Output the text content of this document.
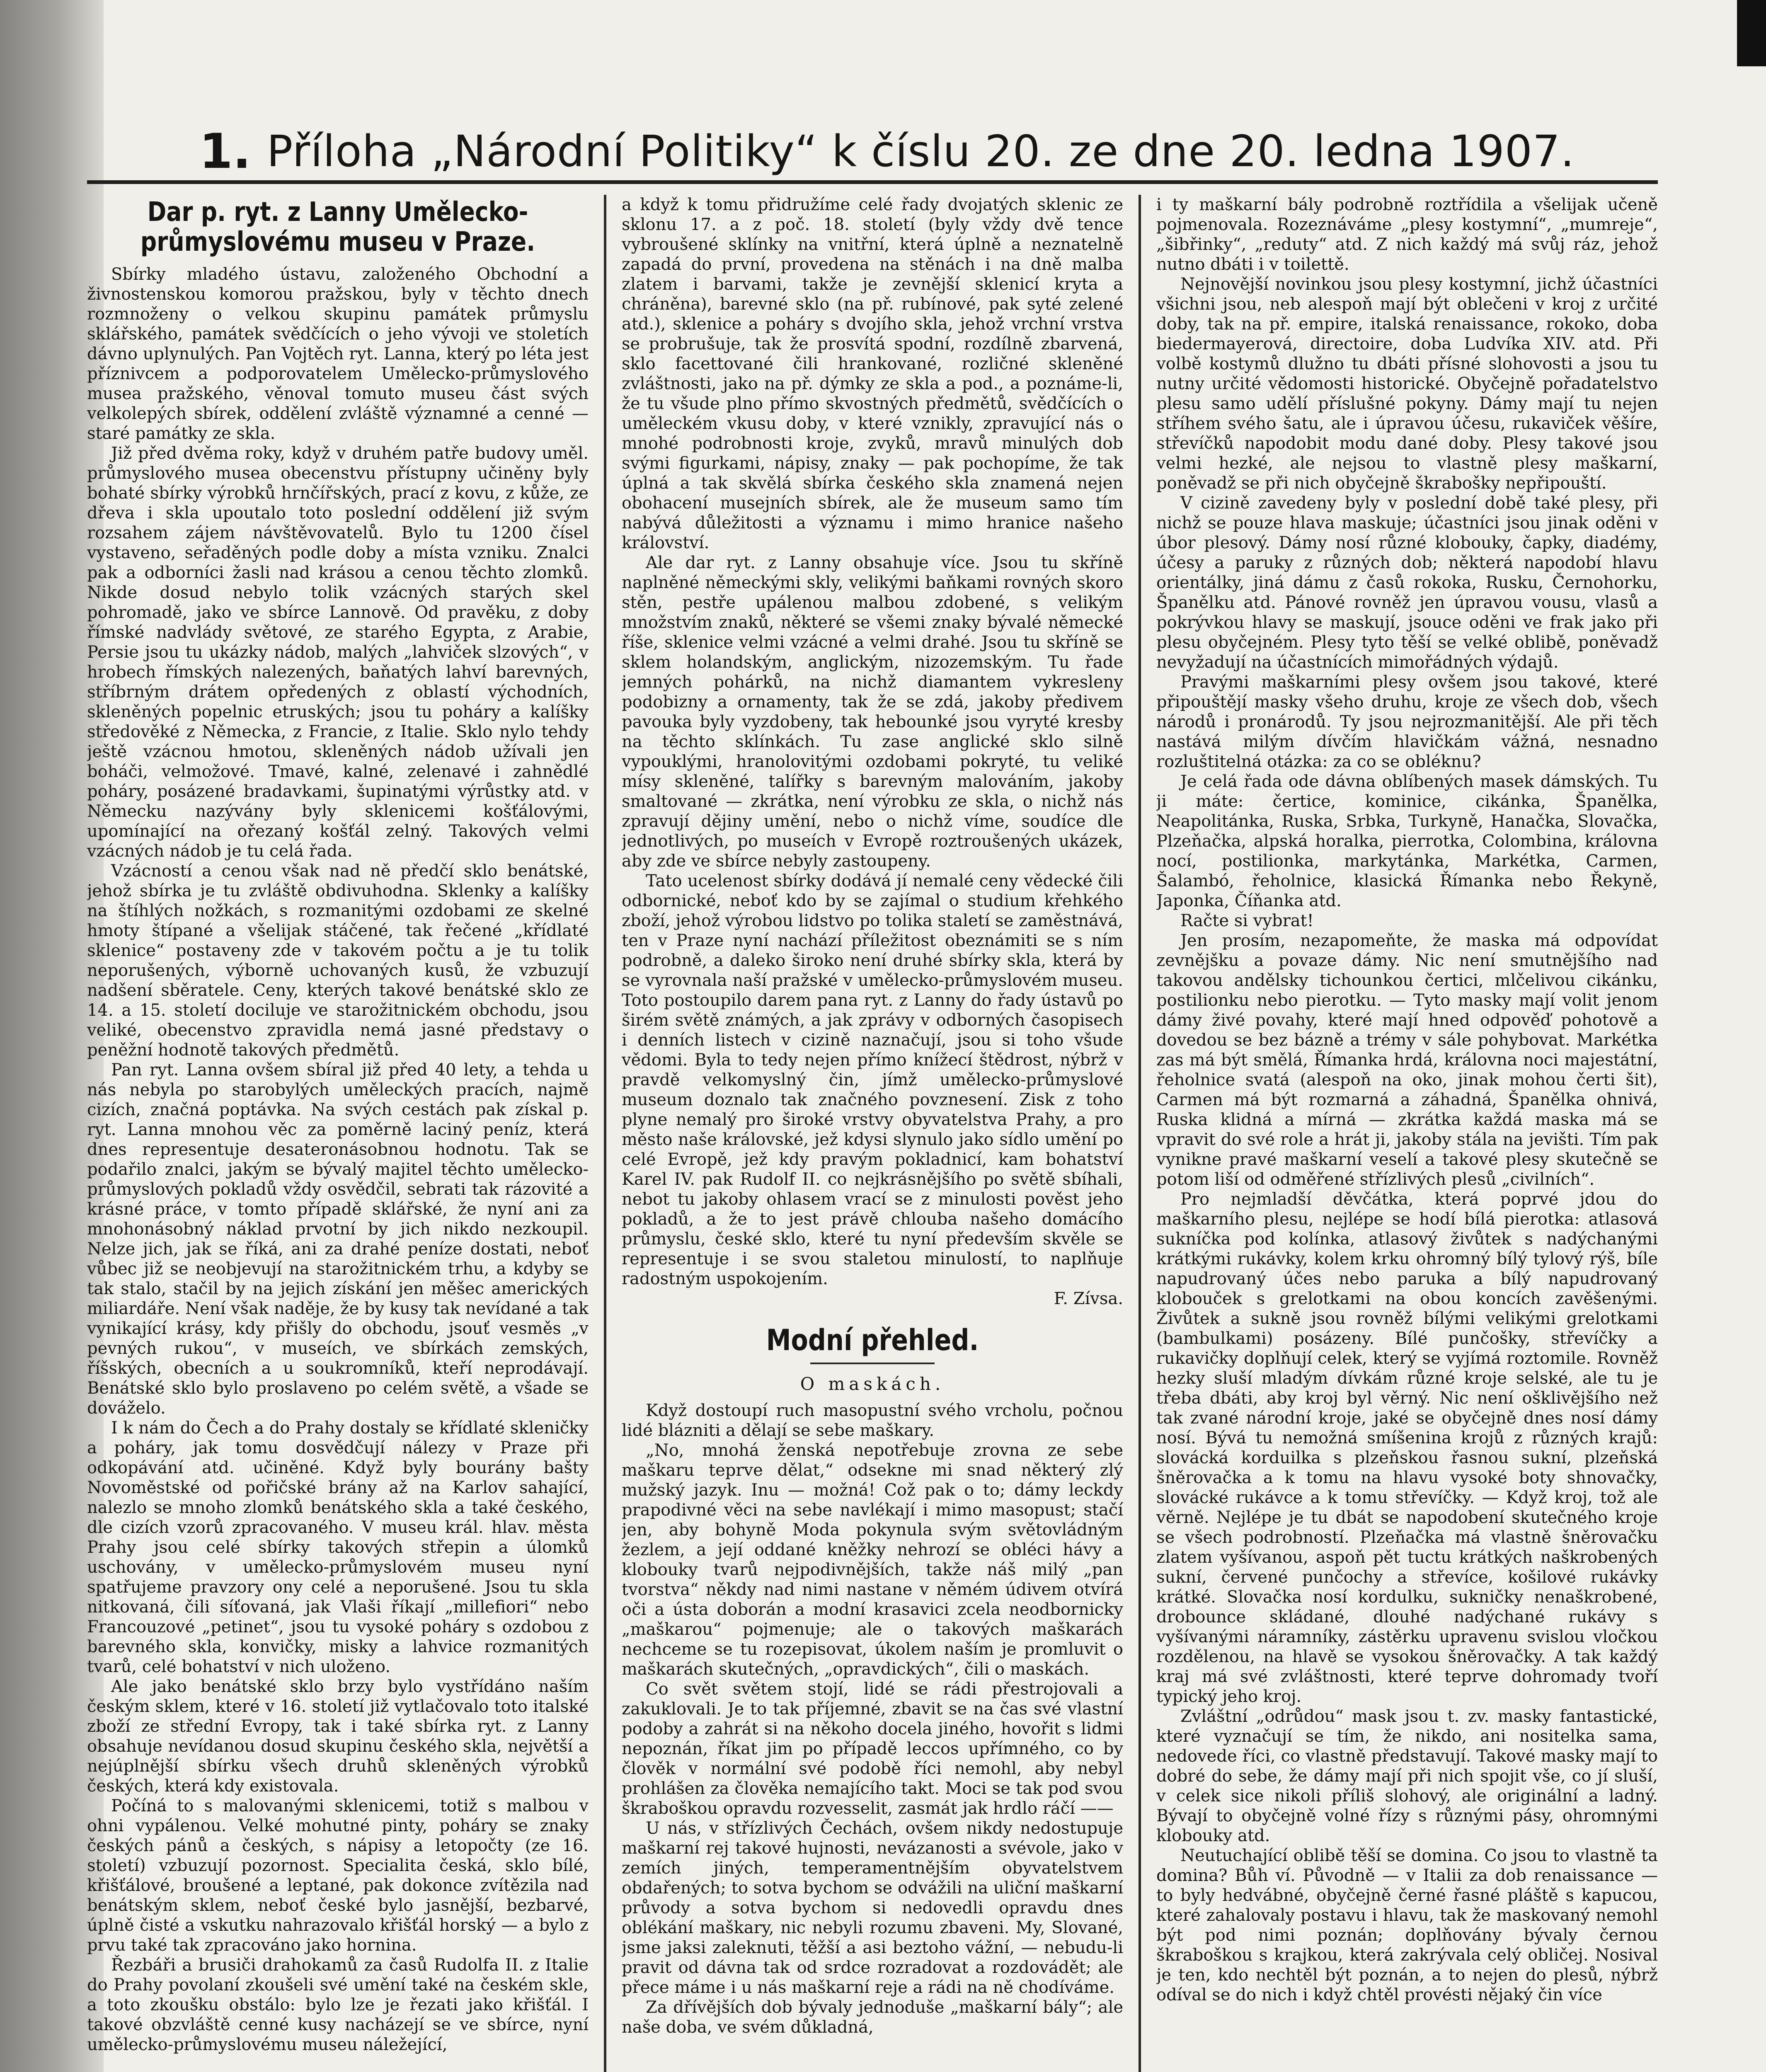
1. Příloha „Národní Politiky“ k číslu 20. ze dne 20. ledna 1907.
Dar p. ryt. z Lanny Umělecko-průmyslovému museu v Praze.

Sbírky mladého ústavu, založeného Obchodní a živnostenskou komorou pražskou, byly v těchto dnech rozmnoženy o velkou skupinu památek průmyslu sklářského, památek svědčících o jeho vývoji ve stoletích dávno uplynulých. Pan Vojtěch ryt. Lanna, který po léta jest příznivcem a podporovatelem Umělecko-průmyslového musea pražského, věnoval tomuto museu část svých velkolepých sbírek, oddělení zvláště významné a cenné — staré památky ze skla.

Již před dvěma roky, když v druhém patře budovy uměl. průmyslového musea obecenstvu přístupny učiněny byly bohaté sbírky výrobků hrnčířských, prací z kovu, z kůže, ze dřeva i skla upoutalo toto poslední oddělení již svým rozsahem zájem návštěvovatelů. Bylo tu 1200 čísel vystaveno, seřaděných podle doby a místa vzniku. Znalci pak a odborníci žasli nad krásou a cenou těchto zlomků. Nikde dosud nebylo tolik vzácných starých skel pohromadě, jako ve sbírce Lannově. Od pravěku, z doby římské nadvlády světové, ze starého Egypta, z Arabie, Persie jsou tu ukázky nádob, malých „lahviček slzových“, v hrobech římských nalezených, baňatých lahví barevných, stříbrným drátem opředených z oblastí východních, skleněných popelnic etruských; jsou tu poháry a kalíšky středověké z Německa, z Francie, z Italie. Sklo nylo tehdy ještě vzácnou hmotou, skleněných nádob užívali jen boháči, velmožové. Tmavé, kalné, zelenavé i zahnědlé poháry, posázené bradavkami, šupinatými výrůstky atd. v Německu nazývány byly sklenicemi košťálovými, upomínající na ořezaný košťál zelný. Takových velmi vzácných nádob je tu celá řada.

Vzácností a cenou však nad ně předčí sklo benátské, jehož sbírka je tu zvláště obdivuhodna. Sklenky a kalíšky na štíhlých nožkách, s rozmanitými ozdobami ze skelné hmoty štípané a všelijak stáčené, tak řečené „křídlaté sklenice“ postaveny zde v takovém počtu a je tu tolik neporušených, výborně uchovaných kusů, že vzbuzují nadšení sběratele. Ceny, kterých takové benátské sklo ze 14. a 15. století dociluje ve starožitnickém obchodu, jsou veliké, obecenstvo zpravidla nemá jasné představy o peněžní hodnotě takových předmětů.

Pan ryt. Lanna ovšem sbíral již před 40 lety, a tehda u nás nebyla po starobylých uměleckých pracích, najmě cizích, značná poptávka. Na svých cestách pak získal p. ryt. Lanna mnohou věc za poměrně laciný peníz, která dnes representuje desateronásobnou hodnotu. Tak se podařilo znalci, jakým se bývalý majitel těchto umělecko-průmyslových pokladů vždy osvědčil, sebrati tak rázovité a krásné práce, v tomto případě sklářské, že nyní ani za mnohonásobný náklad prvotní by jich nikdo nezkoupil. Nelze jich, jak se říká, ani za drahé peníze dostati, neboť vůbec již se neobjevují na starožitnickém trhu, a kdyby se tak stalo, stačil by na jejich získání jen měšec amerických miliardáře. Není však naděje, že by kusy tak nevídané a tak vynikající krásy, kdy přišly do obchodu, jsouť vesměs „v pevných rukou“, v museích, ve sbírkách zemských, říšských, obecních a u soukromníků, kteří neprodávají. Benátské sklo bylo proslaveno po celém světě, a všade se dováželo.

I k nám do Čech a do Prahy dostaly se křídlaté skleničky a poháry, jak tomu dosvědčují nálezy v Praze při odkopávání atd. učiněné. Když byly bourány bašty Novoměstské od pořičské brány až na Karlov sahající, nalezlo se mnoho zlomků benátského skla a také českého, dle cizích vzorů zpracovaného. V museu král. hlav. města Prahy jsou celé sbírky takových střepin a úlomků uschovány, v umělecko-průmyslovém museu nyní spatřujeme pravzory ony celé a neporušené. Jsou tu skla nitkovaná, čili síťovaná, jak Vlaši říkají „millefiori“ nebo Francouzové „petinet“, jsou tu vysoké poháry s ozdobou z barevného skla, konvičky, misky a lahvice rozmanitých tvarů, celé bohatství v nich uloženo.

Ale jako benátské sklo brzy bylo vystřídáno naším českým sklem, které v 16. století již vytlačovalo toto italské zboží ze střední Evropy, tak i také sbírka ryt. z Lanny obsahuje nevídanou dosud skupinu českého skla, největší a nejúplnější sbírku všech druhů skleněných výrobků českých, která kdy existovala.

Počíná to s malovanými sklenicemi, totiž s malbou v ohni vypálenou. Velké mohutné pinty, poháry se znaky českých pánů a českých, s nápisy a letopočty (ze 16. století) vzbuzují pozornost. Specialita česká, sklo bílé, křišťálové, broušené a leptané, pak dokonce zvítězila nad benátským sklem, neboť české bylo jasnější, bezbarvé, úplně čisté a vskutku nahrazovalo křišťál horský — a bylo z prvu také tak zpracováno jako hornina.

Řezbáři a brusiči drahokamů za časů Rudolfa II. z Italie do Prahy povolaní zkoušeli své umění také na českém skle, a toto zkoušku obstálo: bylo lze je řezati jako křišťál. I takové obzvláště cenné kusy nacházejí se ve sbírce, nyní umělecko-průmyslovému museu náležející,

a když k tomu přidružíme celé řady dvojatých sklenic ze sklonu 17. a z poč. 18. století (byly vždy dvě tence vybroušené sklínky na vnitřní, která úplně a neznatelně zapadá do první, provedena na stěnách i na dně malba zlatem i barvami, takže je zevnější sklenicí kryta a chráněna), barevné sklo (na př. rubínové, pak syté zelené atd.), sklenice a poháry s dvojího skla, jehož vrchní vrstva se probrušuje, tak že prosvítá spodní, rozdílně zbarvená, sklo facettované čili hrankované, rozličné skleněné zvláštnosti, jako na př. dýmky ze skla a pod., a poznáme-li, že tu všude plno přímo skvostných předmětů, svědčících o uměleckém vkusu doby, v které vznikly, zpravující nás o mnohé podrobnosti kroje, zvyků, mravů minulých dob svými figurkami, nápisy, znaky — pak pochopíme, že tak úplná a tak skvělá sbírka českého skla znamená nejen obohacení musejních sbírek, ale že museum samo tím nabývá důležitosti a významu i mimo hranice našeho království.

Ale dar ryt. z Lanny obsahuje více. Jsou tu skříně naplněné německými skly, velikými baňkami rovných skoro stěn, pestře upálenou malbou zdobené, s velikým množstvím znaků, některé se všemi znaky bývalé německé říše, sklenice velmi vzácné a velmi drahé. Jsou tu skříně se sklem holandským, anglickým, nizozemským. Tu řade jemných pohárků, na nichž diamantem vykresleny podobizny a ornamenty, tak že se zdá, jakoby předivem pavouka byly vyzdobeny, tak hebounké jsou vyryté kresby na těchto sklínkách. Tu zase anglické sklo silně vypouklými, hranolovitými ozdobami pokryté, tu veliké mísy skleněné, talířky s barevným malováním, jakoby smaltované — zkrátka, není výrobku ze skla, o nichž nás zpravují dějiny umění, nebo o nichž víme, soudíce dle jednotlivých, po museích v Evropě roztroušených ukázek, aby zde ve sbírce nebyly zastoupeny.

Tato ucelenost sbírky dodává jí nemalé ceny vědecké čili odbornické, neboť kdo by se zajímal o studium křehkého zboží, jehož výrobou lidstvo po tolika staletí se zaměstnává, ten v Praze nyní nachází příležitost obeznámiti se s ním podrobně, a daleko široko není druhé sbírky skla, která by se vyrovnala naší pražské v umělecko-průmyslovém museu. Toto postoupilo darem pana ryt. z Lanny do řady ústavů po širém světě známých, a jak zprávy v odborných časopisech i denních listech v cizině naznačují, jsou si toho všude vědomi. Byla to tedy nejen přímo knížecí štědrost, nýbrž v pravdě velkomyslný čin, jímž umělecko-průmyslové museum doznalo tak značného povznesení. Zisk z toho plyne nemalý pro široké vrstvy obyvatelstva Prahy, a pro město naše královské, jež kdysi slynulo jako sídlo umění po celé Evropě, jež kdy pravým pokladnicí, kam bohatství Karel IV. pak Rudolf II. co nejkrásnějšího po světě sbíhali, nebot tu jakoby ohlasem vrací se z minulosti pověst jeho pokladů, a že to jest právě chlouba našeho domácího průmyslu, české sklo, které tu nyní především skvěle se representuje i se svou staletou minulostí, to naplňuje radostným uspokojením.

F. Zívsa.
Modní přehled.
O maskách.

Když dostoupí ruch masopustní svého vrcholu, počnou lidé blázniti a dělají se sebe maškary.

„No, mnohá ženská nepotřebuje zrovna ze sebe maškaru teprve dělat,“ odsekne mi snad některý zlý mužský jazyk. Inu — možná! Což pak o to; dámy leckdy prapodivné věci na sebe navlékají i mimo masopust; stačí jen, aby bohyně Moda pokynula svým světovládným žezlem, a její oddané kněžky nehrozí se obléci hávy a klobouky tvarů nejpodivnějších, takže náš milý „pan tvorstva“ někdy nad nimi nastane v němém údivem otvírá oči a ústa doborán a modní krasavici zcela neodbornicky „maškarou“ pojmenuje; ale o takových maškarách nechceme se tu rozepisovat, úkolem naším je promluvit o maškarách skutečných, „opravdických“, čili o maskách.

Co svět světem stojí, lidé se rádi přestrojovali a zakuklovali. Je to tak příjemné, zbavit se na čas své vlastní podoby a zahrát si na někoho docela jiného, hovořit s lidmi nepoznán, říkat jim po případě leccos upřímného, co by člověk v normální své podobě říci nemohl, aby nebyl prohlášen za člověka nemajícího takt. Moci se tak pod svou škraboškou opravdu rozvesselit, zasmát jak hrdlo ráčí ——

U nás, v střízlivých Čechách, ovšem nikdy nedostupuje maškarní rej takové hujnosti, nevázanosti a svévole, jako v zemích jiných, temperamentnějším obyvatelstvem obdařených; to sotva bychom se odvážili na uliční maškarní průvody a sotva bychom si nedovedli opravdu dnes oblékání maškary, nic nebyli rozumu zbaveni. My, Slované, jsme jaksi zaleknuti, těžší a asi beztoho vážní, — nebudu-li pravit od dávna tak od srdce rozradovat a rozdovádět; ale přece máme i u nás maškarní reje a rádi na ně chodíváme.

Za dřívějších dob bývaly jednoduše „maškarní bály“; ale naše doba, ve svém důkladná,

i ty maškarní bály podrobně roztřídila a všelijak učeně pojmenovala. Rozeznáváme „plesy kostymní“, „mumreje“, „šibřinky“, „reduty“ atd. Z nich každý má svůj ráz, jehož nutno dbáti i v toilettě.

Nejnovější novinkou jsou plesy kostymní, jichž účastníci všichni jsou, neb alespoň mají být oblečeni v kroj z určité doby, tak na př. empire, italská renaissance, rokoko, doba biedermayerová, directoire, doba Ludvíka XIV. atd. Při volbě kostymů dlužno tu dbáti přísné slohovosti a jsou tu nutny určité vědomosti historické. Obyčejně pořadatelstvo plesu samo udělí příslušné pokyny. Dámy mají tu nejen stříhem svého šatu, ale i úpravou účesu, rukaviček věšíre, střevíčků napodobit modu dané doby. Plesy takové jsou velmi hezké, ale nejsou to vlastně plesy maškarní, poněvadž se při nich obyčejně škrabošky nepřipouští.

V cizině zavedeny byly v poslední době také plesy, při nichž se pouze hlava maskuje; účastníci jsou jinak oděni v úbor plesový. Dámy nosí různé klobouky, čapky, diadémy, účesy a paruky z různých dob; některá napodobí hlavu orientálky, jiná dámu z časů rokoka, Rusku, Černohorku, Španělku atd. Pánové rovněž jen úpravou vousu, vlasů a pokrývkou hlavy se maskují, jsouce oděni ve frak jako při plesu obyčejném. Plesy tyto těší se velké oblibě, poněvadž nevyžadují na účastnících mimořádných výdajů.

Pravými maškarními plesy ovšem jsou takové, které připouštějí masky všeho druhu, kroje ze všech dob, všech národů i pronárodů. Ty jsou nejrozmanitější. Ale při těch nastává milým dívčím hlavičkám vážná, nesnadno rozluštitelná otázka: za co se obléknu?

Je celá řada ode dávna oblíbených masek dámských. Tu ji máte: čertice, kominice, cikánka, Španělka, Neapolitánka, Ruska, Srbka, Turkyně, Hanačka, Slovačka, Plzeňačka, alpská horalka, pierrotka, Colombina, královna nocí, postilionka, markytánka, Markétka, Carmen, Šalambó, řeholnice, klasická Římanka nebo Řekyně, Japonka, Číňanka atd.

Račte si vybrat!

Jen prosím, nezapomeňte, že maska má odpovídat zevnějšku a povaze dámy. Nic není smutnějšího nad takovou andělsky tichounkou čertici, mlčelivou cikánku, postilionku nebo pierotku. — Tyto masky mají volit jenom dámy živé povahy, které mají hned odpověď pohotově a dovedou se bez bázně a trémy v sále pohybovat. Markétka zas má být smělá, Římanka hrdá, královna noci majestátní, řeholnice svatá (alespoň na oko, jinak mohou čerti šit), Carmen má být rozmarná a záhadná, Španělka ohnivá, Ruska klidná a mírná — zkrátka každá maska má se vpravit do své role a hrát ji, jakoby stála na jevišti. Tím pak vynikne pravé maškarní veselí a takové plesy skutečně se potom liší od odměřené střízlivých plesů „civilních“.

Pro nejmladší děvčátka, která poprvé jdou do maškarního plesu, nejlépe se hodí bílá pierotka: atlasová sukníčka pod kolínka, atlasový živůtek s nadýchanými krátkými rukávky, kolem krku ohromný bílý tylový rýš, bíle napudrovaný účes nebo paruka a bílý napudrovaný klobouček s grelotkami na obou koncích zavěšenými. Živůtek a sukně jsou rovněž bílými velikými grelotkami (bambulkami) posázeny. Bílé punčošky, střevíčky a rukavičky doplňují celek, který se vyjímá roztomile. Rovněž hezky sluší mladým dívkám různé kroje selské, ale tu je třeba dbáti, aby kroj byl věrný. Nic není ošklivějšího než tak zvané národní kroje, jaké se obyčejně dnes nosí dámy nosí. Bývá tu nemožná smíšenina krojů z různých krajů: slovácká korduilka s plzeňskou řasnou sukní, plzeňská šněrovačka a k tomu na hlavu vysoké boty shnovačky, slovácké rukávce a k tomu střevíčky. — Když kroj, tož ale věrně. Nejlépe je tu dbát se napodobení skutečného kroje se všech podrobností. Plzeňačka má vlastně šněrovačku zlatem vyšívanou, aspoň pět tuctu krátkých naškrobených sukní, červené punčochy a střevíce, košilové rukávky krátké. Slovačka nosí kordulku, sukničky nenaškrobené, drobounce skládané, dlouhé nadýchané rukávy s vyšívanými náramníky, zástěrku upravenu svislou vločkou rozdělenou, na hlavě se vysokou šněrovačky. A tak každý kraj má své zvláštnosti, které teprve dohromady tvoří typický jeho kroj.

Zvláštní „odrůdou“ mask jsou t. zv. masky fantastické, které vyznačují se tím, že nikdo, ani nositelka sama, nedovede říci, co vlastně představují. Takové masky mají to dobré do sebe, že dámy mají při nich spojit vše, co jí sluší, v celek sice nikoli příliš slohový, ale originální a ladný. Bývají to obyčejně volné řízy s různými pásy, ohromnými klobouky atd.

Neutuchající oblibě těší se domina. Co jsou to vlastně ta domina? Bůh ví. Původně — v Italii za dob renaissance — to byly hedvábné, obyčejně černé řasné pláště s kapucou, které zahalovaly postavu i hlavu, tak že maskovaný nemohl být pod nimi poznán; doplňovány bývaly černou škraboškou s krajkou, která zakrývala celý obličej. Nosival je ten, kdo nechtěl být poznán, a to nejen do plesů, nýbrž odíval se do nich i když chtěl provésti nějaký čin více
